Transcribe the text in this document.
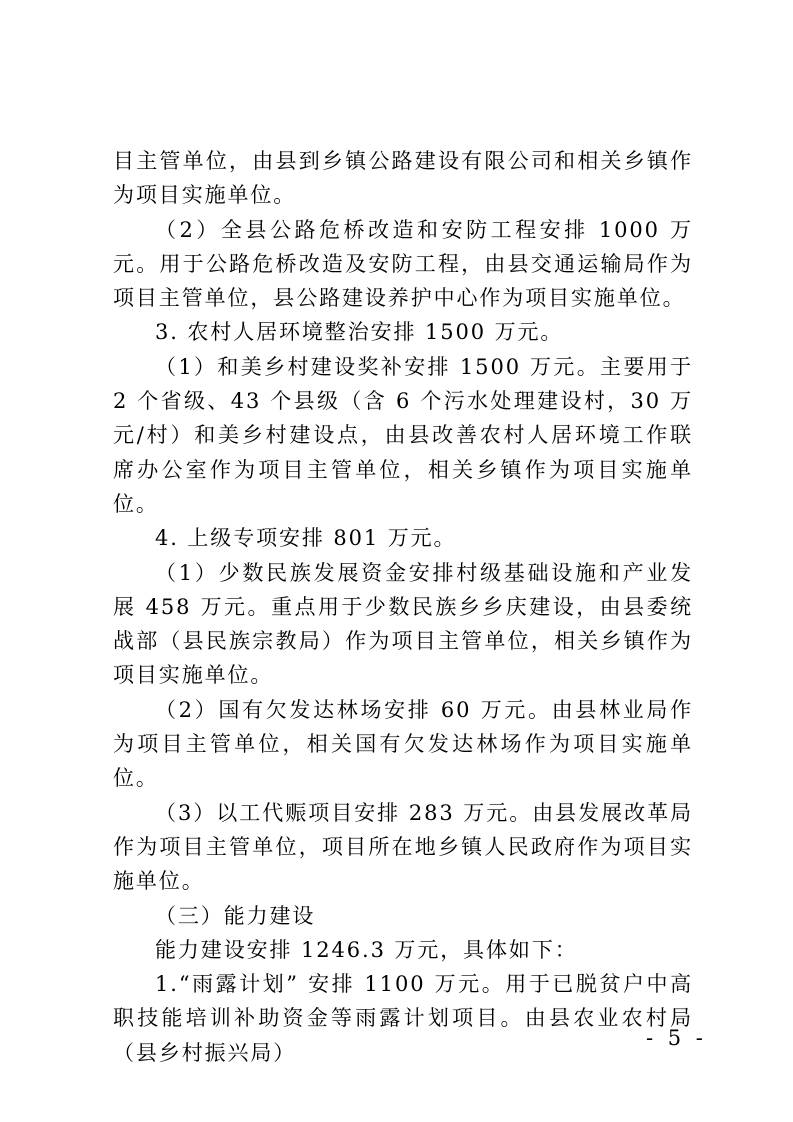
目主管单位，由县到乡镇公路建设有限公司和相关乡镇作为项目实施单位。

（2）全县公路危桥改造和安防工程安排 1000 万元。用于公路危桥改造及安防工程，由县交通运输局作为项目主管单位，县公路建设养护中心作为项目实施单位。

3. 农村人居环境整治安排 1500 万元。

（1）和美乡村建设奖补安排 1500 万元。主要用于 2 个省级、43 个县级（含 6 个污水处理建设村，30 万元/村）和美乡村建设点，由县改善农村人居环境工作联席办公室作为项目主管单位，相关乡镇作为项目实施单位。

4. 上级专项安排 801 万元。

（1）少数民族发展资金安排村级基础设施和产业发展 458 万元。重点用于少数民族乡乡庆建设，由县委统战部（县民族宗教局）作为项目主管单位，相关乡镇作为项目实施单位。

（2）国有欠发达林场安排 60 万元。由县林业局作为项目主管单位，相关国有欠发达林场作为项目实施单位。

（3）以工代赈项目安排 283 万元。由县发展改革局作为项目主管单位，项目所在地乡镇人民政府作为项目实施单位。

（三）能力建设

能力建设安排 1246.3 万元，具体如下：

1.“雨露计划” 安排 1100 万元。用于已脱贫户中高职技能培训补助资金等雨露计划项目。由县农业农村局（县乡村振兴局）

- 5 -
